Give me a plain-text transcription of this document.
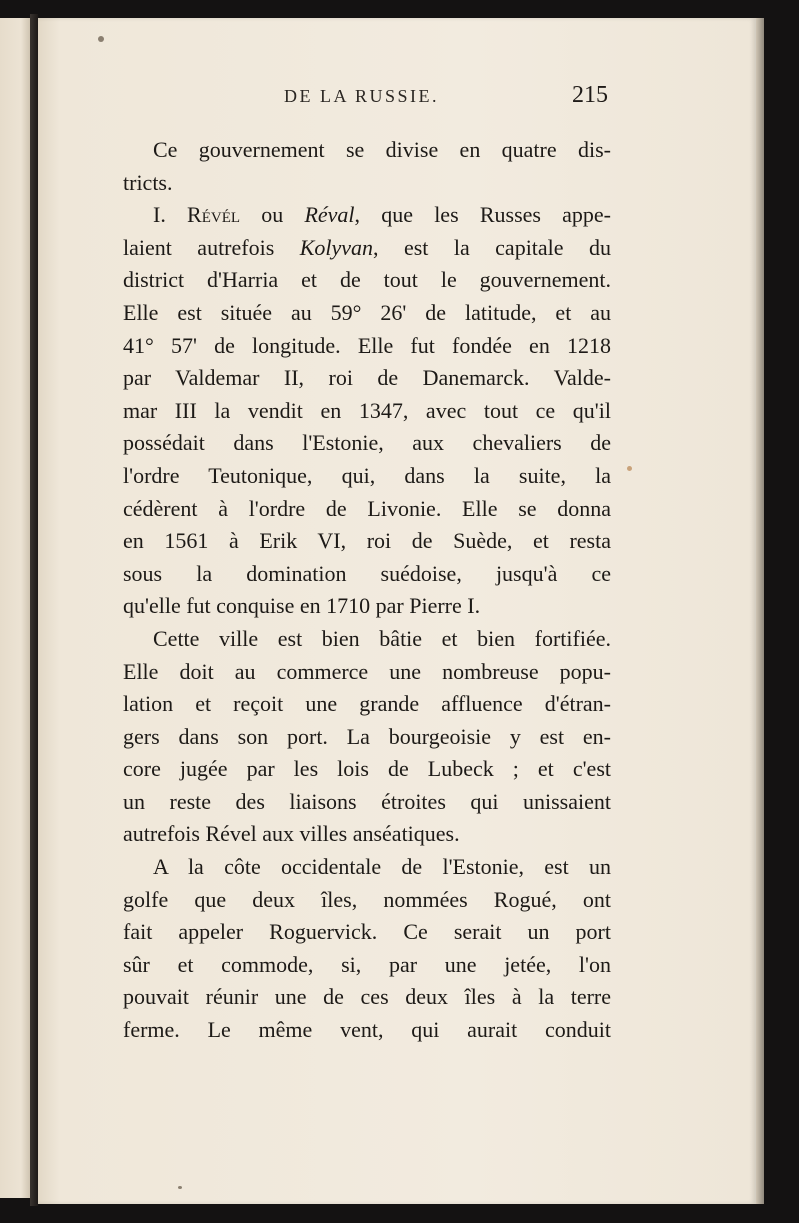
DE LA RUSSIE.	215
Ce gouvernement se divise en quatre dis-
tricts.
I. Révél ou Réval, que les Russes appe-
laient autrefois Kolyvan, est la capitale du
district d'Harria et de tout le gouvernement.
Elle est située au 59° 26' de latitude, et au
41° 57' de longitude. Elle fut fondée en 1218
par Valdemar II, roi de Danemarck. Valde-
mar III la vendit en 1347, avec tout ce qu'il
possédait dans l'Estonie, aux chevaliers de
l'ordre Teutonique, qui, dans la suite, la
cédèrent à l'ordre de Livonie. Elle se donna
en 1561 à Erik VI, roi de Suède, et resta
sous la domination suédoise, jusqu'à ce
qu'elle fut conquise en 1710 par Pierre I.
Cette ville est bien bâtie et bien fortifiée.
Elle doit au commerce une nombreuse popu-
lation et reçoit une grande affluence d'étran-
gers dans son port. La bourgeoisie y est en-
core jugée par les lois de Lubeck ; et c'est
un reste des liaisons étroites qui unissaient
autrefois Rével aux villes anséatiques.
A la côte occidentale de l'Estonie, est un
golfe que deux îles, nommées Rogué, ont
fait appeler Roguervick. Ce serait un port
sûr et commode, si, par une jetée, l'on
pouvait réunir une de ces deux îles à la terre
ferme. Le même vent, qui aurait conduit
